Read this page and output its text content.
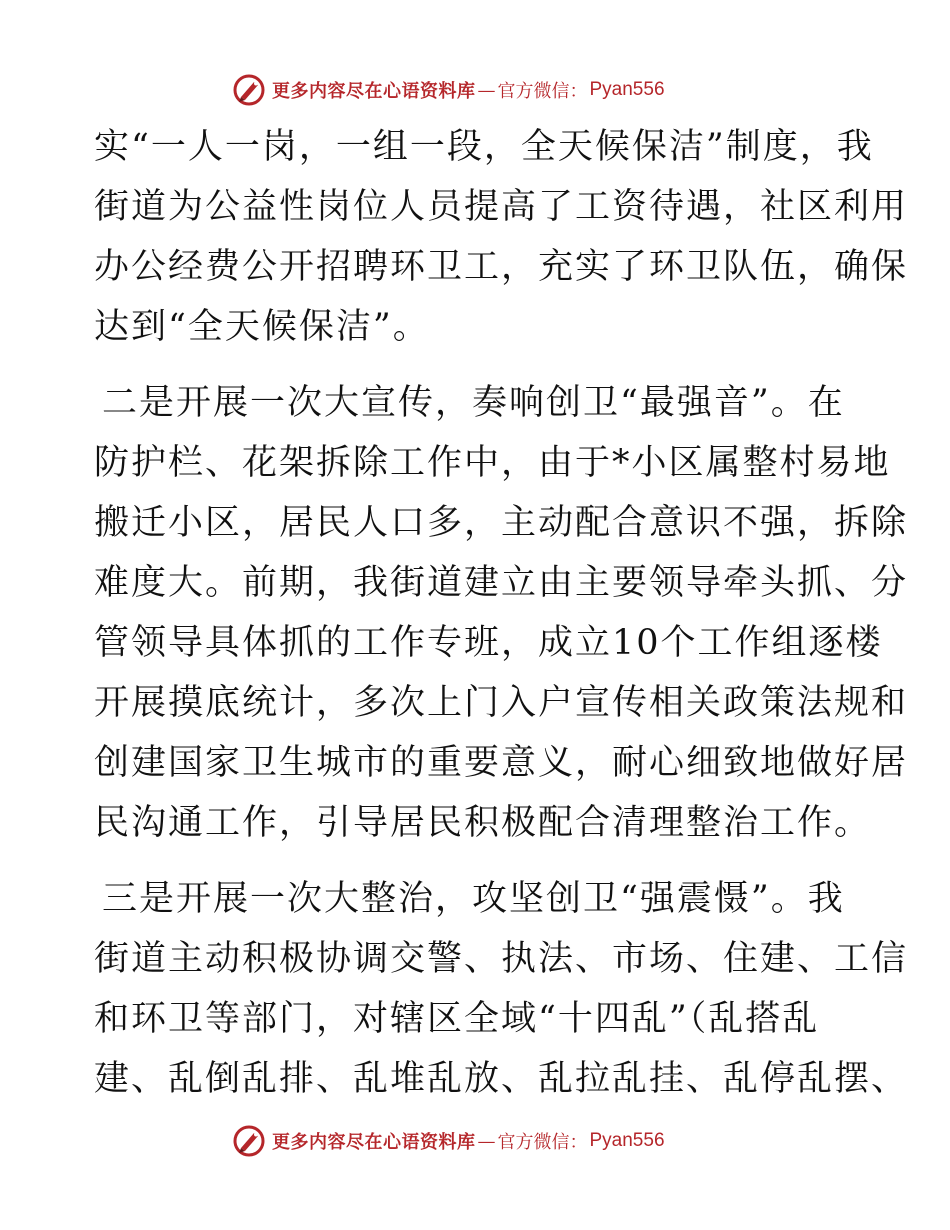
更多内容尽在心语资料库 — 官方微信： Pyan556
实“一人一岗，一组一段，全天候保洁”制度，我
街道为公益性岗位人员提高了工资待遇，社区利用
办公经费公开招聘环卫工，充实了环卫队伍，确保
达到“全天候保洁”。
二是开展一次大宣传，奏响创卫“最强音”。在
防护栏、花架拆除工作中，由于*小区属整村易地
搬迁小区，居民人口多，主动配合意识不强，拆除
难度大。前期，我街道建立由主要领导牵头抓、分
管领导具体抓的工作专班，成立10个工作组逐楼
开展摸底统计，多次上门入户宣传相关政策法规和
创建国家卫生城市的重要意义，耐心细致地做好居
民沟通工作，引导居民积极配合清理整治工作。
三是开展一次大整治，攻坚创卫“强震慑”。我
街道主动积极协调交警、执法、市场、住建、工信
和环卫等部门，对辖区全域“十四乱”（乱搭乱
建、乱倒乱排、乱堆乱放、乱拉乱挂、乱停乱摆、
更多内容尽在心语资料库 — 官方微信： Pyan556
